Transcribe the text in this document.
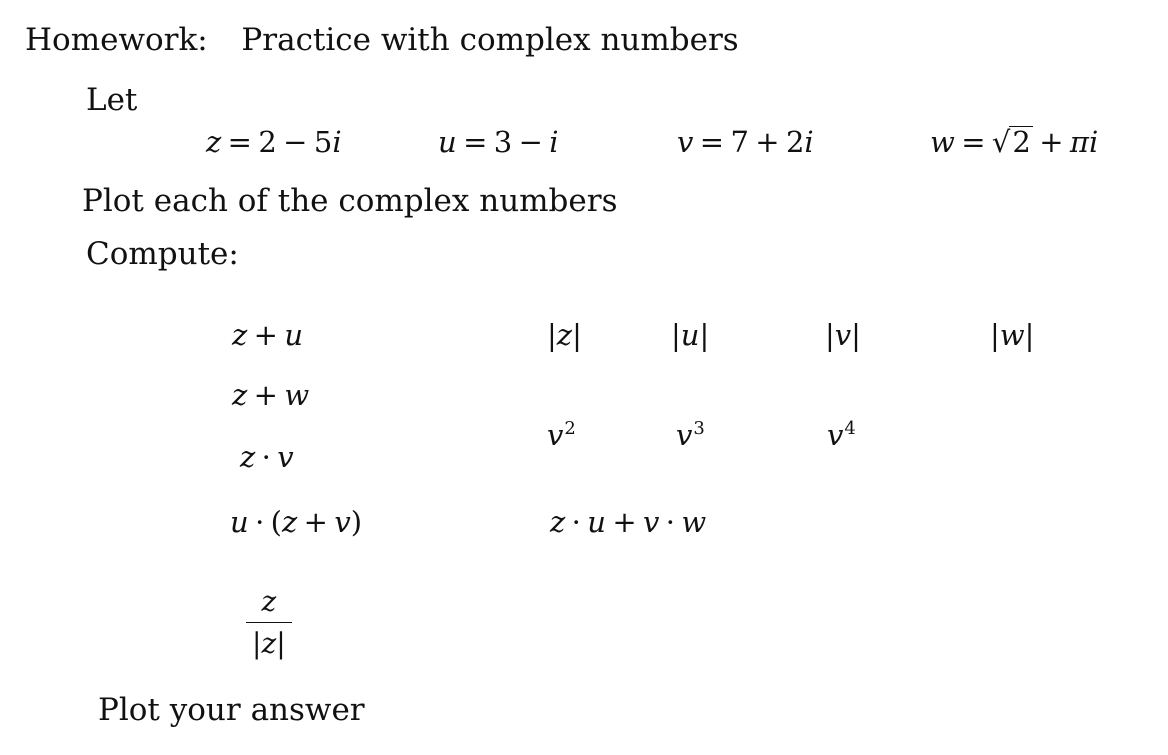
Homework: Practice with complex numbers
Let
z = 2 − 5i	u = 3 − i	v = 7 + 2i	w = √2 + πi
Plot each of the complex numbers
Compute:
z + u
z + w
z · v
u · (z + v)
$\frac{z}{|z|}$
|z|	|u|	|v|	|w|
$v^2$	$v^3$	$v^4$
z · u + v · w
Plot your answer
